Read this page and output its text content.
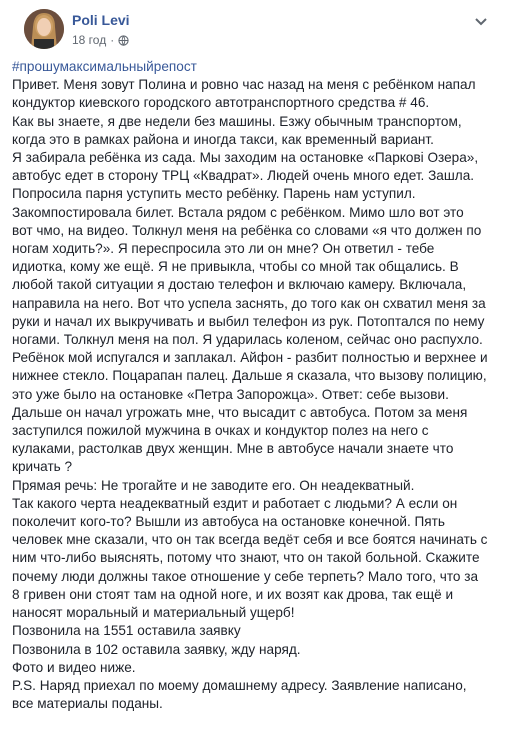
Poli Levi
18 год ·

#прошумаксимальныйрепост

Привет. Меня зовут Полина и ровно час назад на меня с ребёнком напал

кондуктор киевского городского автотранспортного средства # 46.

Как вы знаете, я две недели без машины. Езжу обычным транспортом,

когда это в рамках района и иногда такси, как временный вариант.

Я забирала ребёнка из сада. Мы заходим на остановке «Паркові Озера»,

автобус едет в сторону ТРЦ «Квадрат». Людей очень много едет. Зашла.

Попросила парня уступить место ребёнку. Парень нам уступил.

Закомпостировала билет. Встала рядом с ребёнком. Мимо шло вот это

вот чмо, на видео. Толкнул меня на ребёнка со словами «я что должен по

ногам ходить?». Я переспросила это ли он мне? Он ответил - тебе

идиотка, кому же ещё. Я не привыкла, чтобы со мной так общались. В

любой такой ситуации я достаю телефон и включаю камеру. Включала,

направила на него. Вот что успела заснять, до того как он схватил меня за

руки и начал их выкручивать и выбил телефон из рук. Потоптался по нему

ногами. Толкнул меня на пол. Я ударилась коленом, сейчас оно распухло.

Ребёнок мой испугался и заплакал. Айфон - разбит полностью и верхнее и

нижнее стекло. Поцарапан палец. Дальше я сказала, что вызову полицию,

это уже было на остановке «Петра Запорожца». Ответ: себе вызови.

Дальше он начал угрожать мне, что высадит с автобуса. Потом за меня

заступился пожилой мужчина в очках и кондуктор полез на него с

кулаками, растолкав двух женщин. Мне в автобусе начали знаете что

кричать ?

Прямая речь: Не трогайте и не заводите его. Он неадекватный.

Так какого черта неадекватный ездит и работает с людьми? А если он

поколечит кого-то? Вышли из автобуса на остановке конечной. Пять

человек мне сказали, что он так всегда ведёт себя и все боятся начинать с

ним что-либо выяснять, потому что знают, что он такой больной. Скажите

почему люди должны такое отношение у себе терпеть? Мало того, что за

8 гривен они стоят там на одной ноге, и их возят как дрова, так ещё и

наносят моральный и материальный ущерб!

Позвонила на 1551 оставила заявку

Позвонила в 102 оставила заявку, жду наряд.

Фото и видео ниже.

P.S. Наряд приехал по моему домашнему адресу. Заявление написано,

все материалы поданы.
